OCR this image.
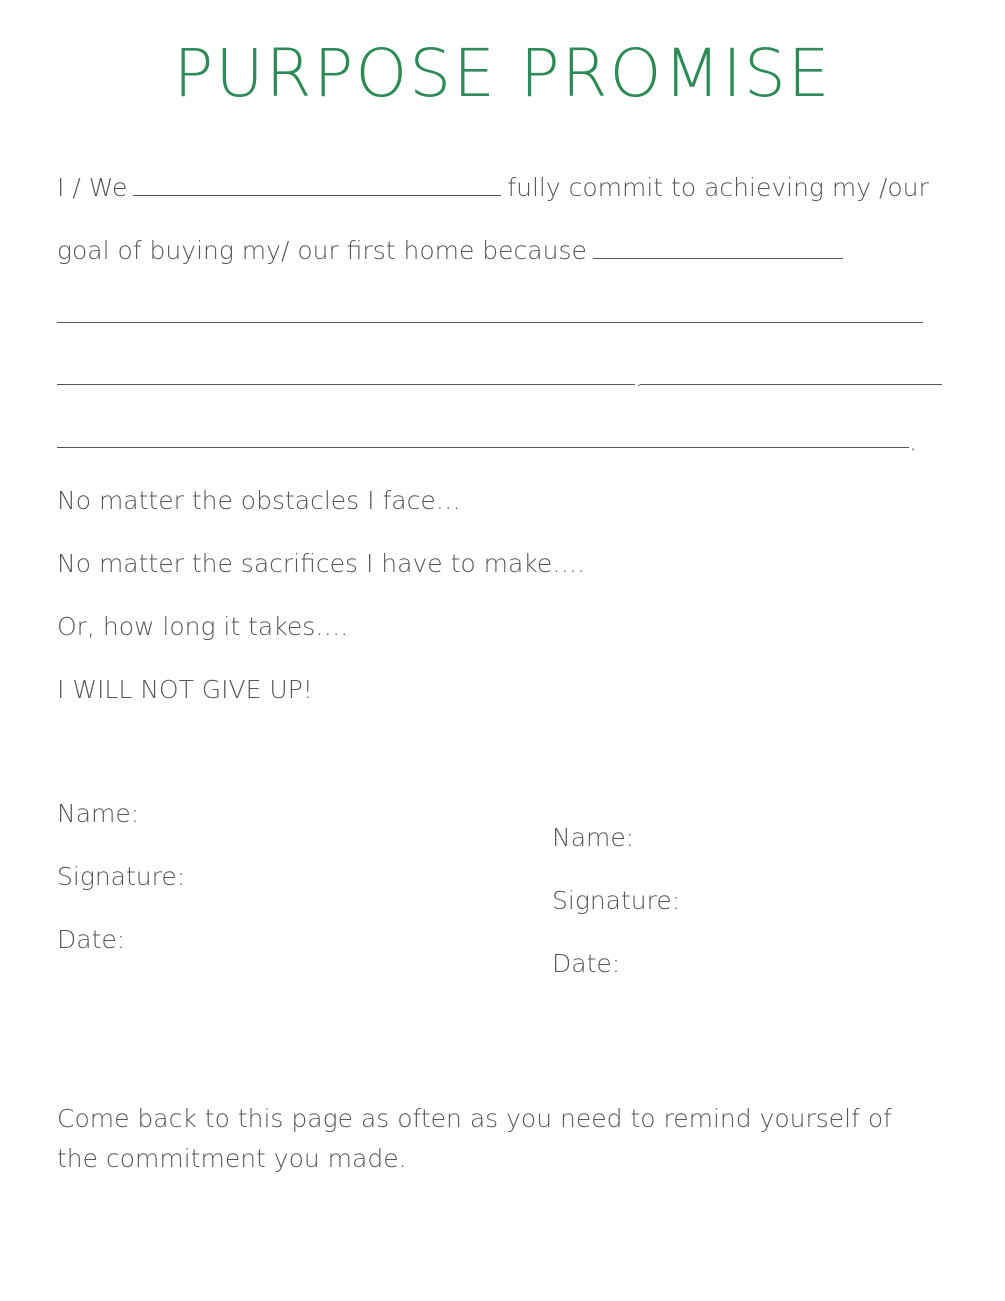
PURPOSE PROMISE
I / We	fully commit to achieving my /our
goal of buying my/ our first home because
.
.
No matter the obstacles I face…
No matter the sacrifices I have to make….
Or, how long it takes….
I WILL NOT GIVE UP!
Name:
Signature:
Date:
Name:
Signature:
Date:
Come back to this page as often as you need to remind yourself of the commitment you made.
